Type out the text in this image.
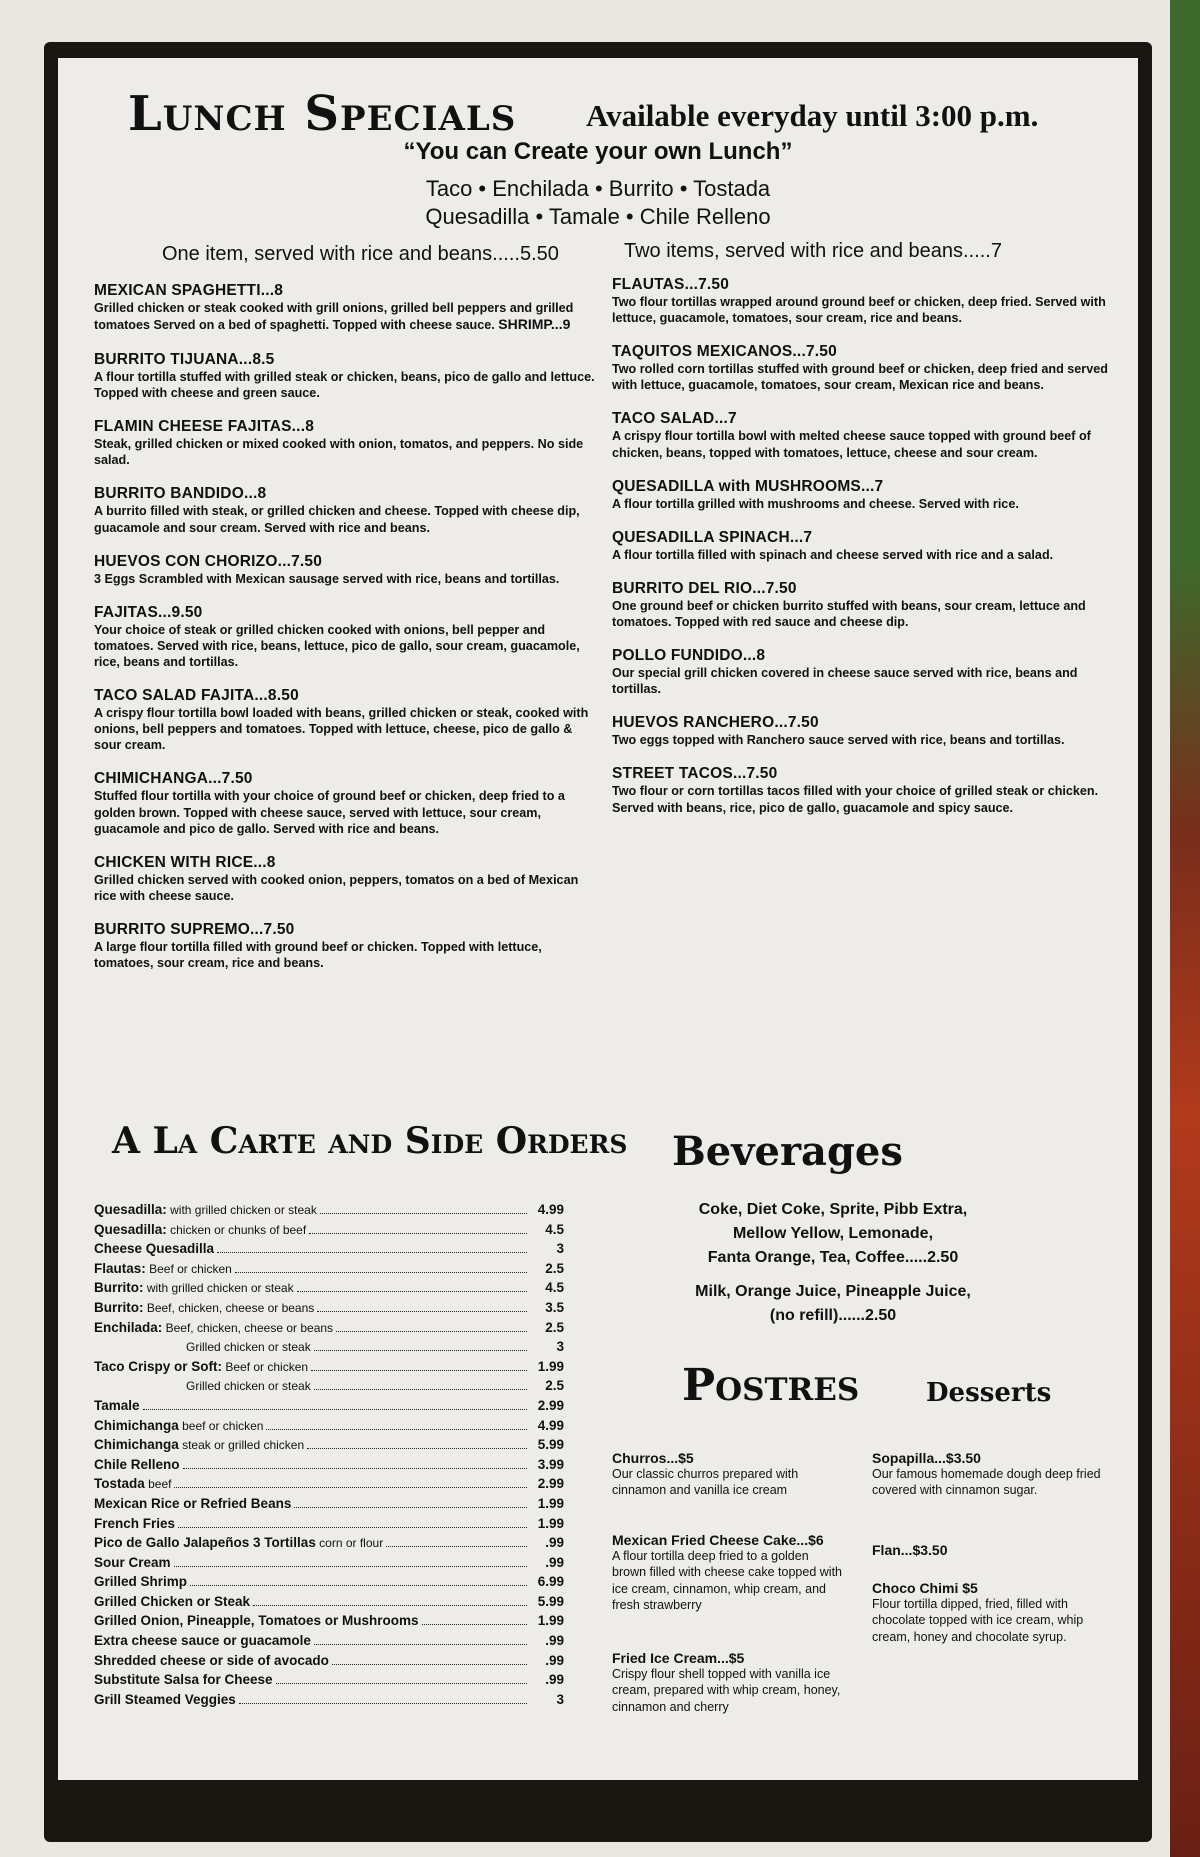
Lunch Specials Available everyday until 3:00 p.m.
“You can Create your own Lunch”
Taco • Enchilada • Burrito • Tostada
Quesadilla • Tamale • Chile Relleno
One item, served with rice and beans.....5.50	Two items, served with rice and beans.....7
MEXICAN SPAGHETTI...8
Grilled chicken or steak cooked with grill onions, grilled bell peppers and grilled tomatoes Served on a bed of spaghetti. Topped with cheese sauce. SHRIMP...9
BURRITO TIJUANA...8.5
A flour tortilla stuffed with grilled steak or chicken, beans, pico de gallo and lettuce. Topped with cheese and green sauce.
FLAMIN CHEESE FAJITAS...8
Steak, grilled chicken or mixed cooked with onion, tomatos, and peppers. No side salad.
BURRITO BANDIDO...8
A burrito filled with steak, or grilled chicken and cheese. Topped with cheese dip, guacamole and sour cream. Served with rice and beans.
HUEVOS CON CHORIZO...7.50
3 Eggs Scrambled with Mexican sausage served with rice, beans and tortillas.
FAJITAS...9.50
Your choice of steak or grilled chicken cooked with onions, bell pepper and tomatoes. Served with rice, beans, lettuce, pico de gallo, sour cream, guacamole, rice, beans and tortillas.
TACO SALAD FAJITA...8.50
A crispy flour tortilla bowl loaded with beans, grilled chicken or steak, cooked with onions, bell peppers and tomatoes. Topped with lettuce, cheese, pico de gallo & sour cream.
CHIMICHANGA...7.50
Stuffed flour tortilla with your choice of ground beef or chicken, deep fried to a golden brown. Topped with cheese sauce, served with lettuce, sour cream, guacamole and pico de gallo. Served with rice and beans.
CHICKEN WITH RICE...8
Grilled chicken served with cooked onion, peppers, tomatos on a bed of Mexican rice with cheese sauce.
BURRITO SUPREMO...7.50
A large flour tortilla filled with ground beef or chicken. Topped with lettuce, tomatoes, sour cream, rice and beans.
FLAUTAS...7.50
Two flour tortillas wrapped around ground beef or chicken, deep fried. Served with lettuce, guacamole, tomatoes, sour cream, rice and beans.
TAQUITOS MEXICANOS...7.50
Two rolled corn tortillas stuffed with ground beef or chicken, deep fried and served with lettuce, guacamole, tomatoes, sour cream, Mexican rice and beans.
TACO SALAD...7
A crispy flour tortilla bowl with melted cheese sauce topped with ground beef of chicken, beans, topped with tomatoes, lettuce, cheese and sour cream.
QUESADILLA with MUSHROOMS...7
A flour tortilla grilled with mushrooms and cheese. Served with rice.
QUESADILLA SPINACH...7
A flour tortilla filled with spinach and cheese served with rice and a salad.
BURRITO DEL RIO...7.50
One ground beef or chicken burrito stuffed with beans, sour cream, lettuce and tomatoes. Topped with red sauce and cheese dip.
POLLO FUNDIDO...8
Our special grill chicken covered in cheese sauce served with rice, beans and tortillas.
HUEVOS RANCHERO...7.50
Two eggs topped with Ranchero sauce served with rice, beans and tortillas.
STREET TACOS...7.50
Two flour or corn tortillas tacos filled with your choice of grilled steak or chicken. Served with beans, rice, pico de gallo, guacamole and spicy sauce.
A La Carte and Side Orders
Quesadilla: with grilled chicken or steak	4.99
Quesadilla: chicken or chunks of beef	4.5
Cheese Quesadilla	3
Flautas: Beef or chicken	2.5
Burrito: with grilled chicken or steak	4.5
Burrito: Beef, chicken, cheese or beans	3.5
Enchilada: Beef, chicken, cheese or beans	2.5
Grilled chicken or steak	3
Taco Crispy or Soft: Beef or chicken	1.99
Grilled chicken or steak	2.5
Tamale	2.99
Chimichanga beef or chicken	4.99
Chimichanga steak or grilled chicken	5.99
Chile Relleno	3.99
Tostada beef	2.99
Mexican Rice or Refried Beans	1.99
French Fries	1.99
Pico de Gallo Jalapeños 3 Tortillas corn or flour	.99
Sour Cream	.99
Grilled Shrimp	6.99
Grilled Chicken or Steak	5.99
Grilled Onion, Pineapple, Tomatoes or Mushrooms	1.99
Extra cheese sauce or guacamole	.99
Shredded cheese or side of avocado	.99
Substitute Salsa for Cheese	.99
Grill Steamed Veggies	3
Beverages
Coke, Diet Coke, Sprite, Pibb Extra,
Mellow Yellow, Lemonade,
Fanta Orange, Tea, Coffee.....2.50
Milk, Orange Juice, Pineapple Juice,
(no refill)......2.50
Postres	Desserts
Churros...$5
Our classic churros prepared with cinnamon and vanilla ice cream
Mexican Fried Cheese Cake...$6
A flour tortilla deep fried to a golden brown filled with cheese cake topped with ice cream, cinnamon, whip cream, and fresh strawberry
Fried Ice Cream...$5
Crispy flour shell topped with vanilla ice cream, prepared with whip cream, honey, cinnamon and cherry
Sopapilla...$3.50
Our famous homemade dough deep fried covered with cinnamon sugar.
Flan...$3.50
Choco Chimi $5
Flour tortilla dipped, fried, filled with chocolate topped with ice cream, whip cream, honey and chocolate syrup.
